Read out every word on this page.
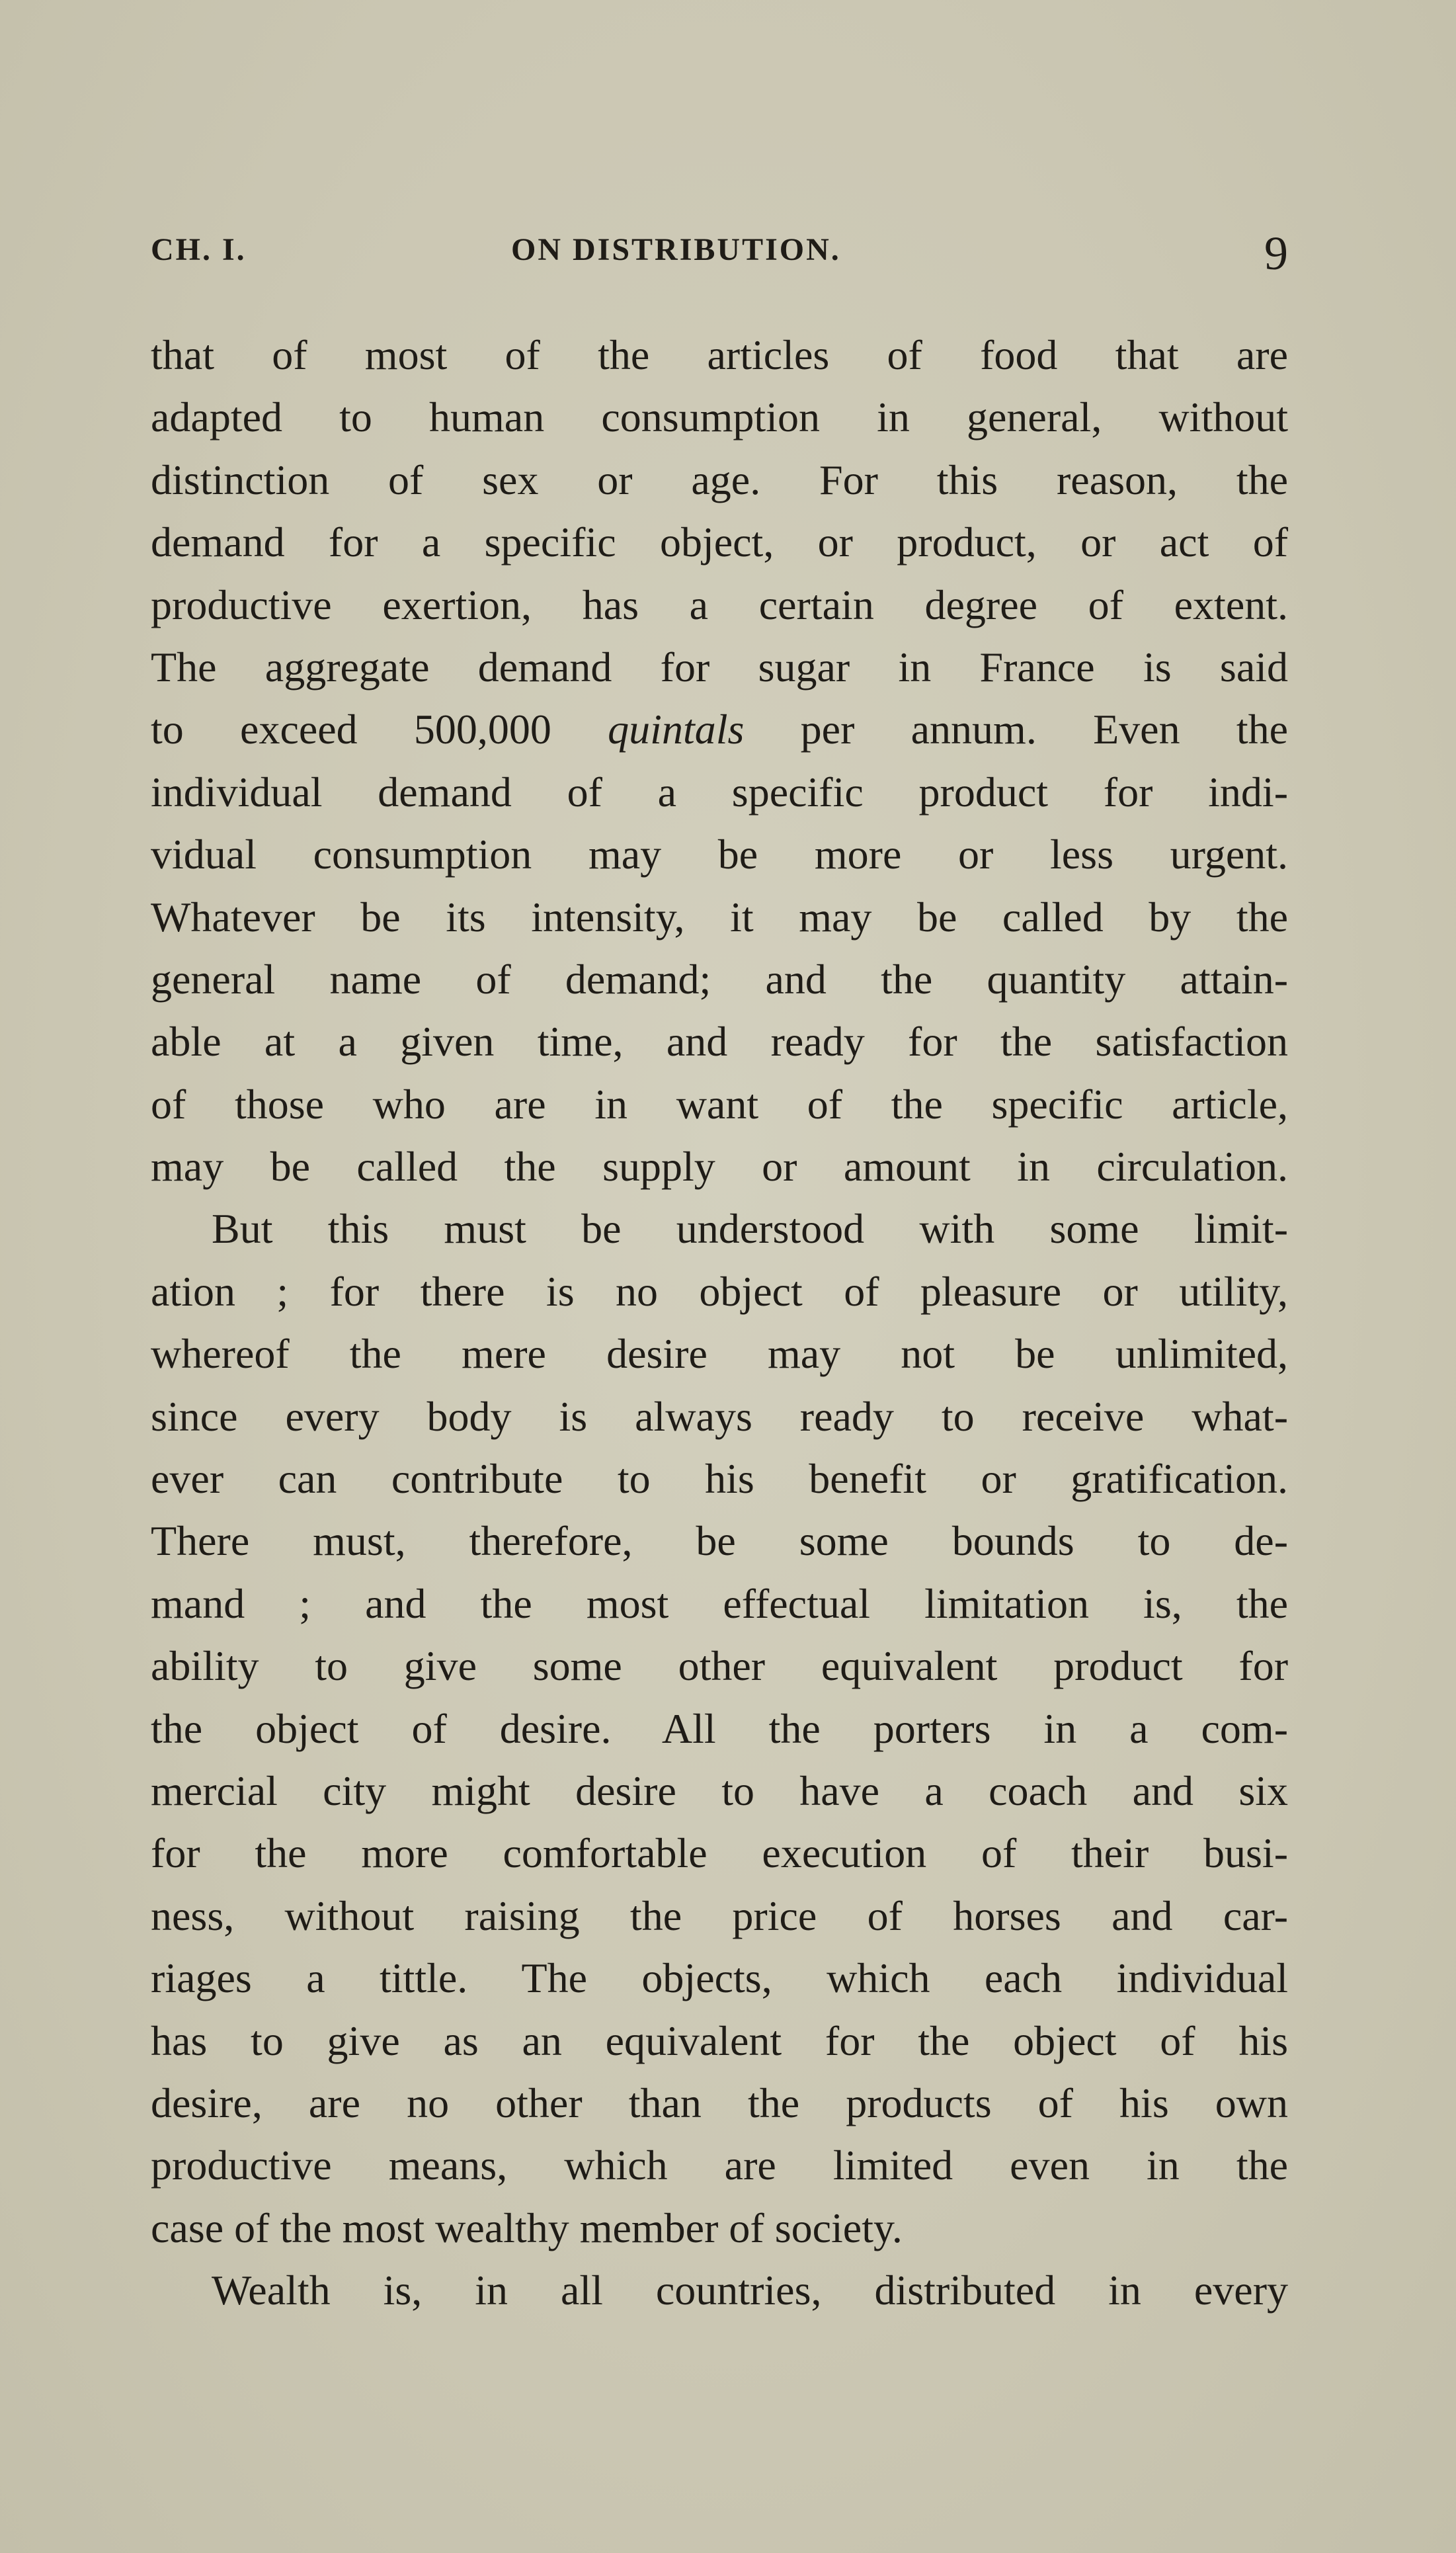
CH. I.	ON DISTRIBUTION.	9
that of most of the articles of food that are
adapted to human consumption in general, without
distinction of sex or age. For this reason, the
demand for a specific object, or product, or act of
productive exertion, has a certain degree of extent.
The aggregate demand for sugar in France is said
to exceed 500,000 quintals per annum. Even the
individual demand of a specific product for indi-
vidual consumption may be more or less urgent.
Whatever be its intensity, it may be called by the
general name of demand; and the quantity attain-
able at a given time, and ready for the satisfaction
of those who are in want of the specific article,
may be called the supply or amount in circulation.
But this must be understood with some limit-
ation ; for there is no object of pleasure or utility,
whereof the mere desire may not be unlimited,
since every body is always ready to receive what-
ever can contribute to his benefit or gratification.
There must, therefore, be some bounds to de-
mand ; and the most effectual limitation is, the
ability to give some other equivalent product for
the object of desire. All the porters in a com-
mercial city might desire to have a coach and six
for the more comfortable execution of their busi-
ness, without raising the price of horses and car-
riages a tittle. The objects, which each individual
has to give as an equivalent for the object of his
desire, are no other than the products of his own
productive means, which are limited even in the
case of the most wealthy member of society.
Wealth is, in all countries, distributed in every
